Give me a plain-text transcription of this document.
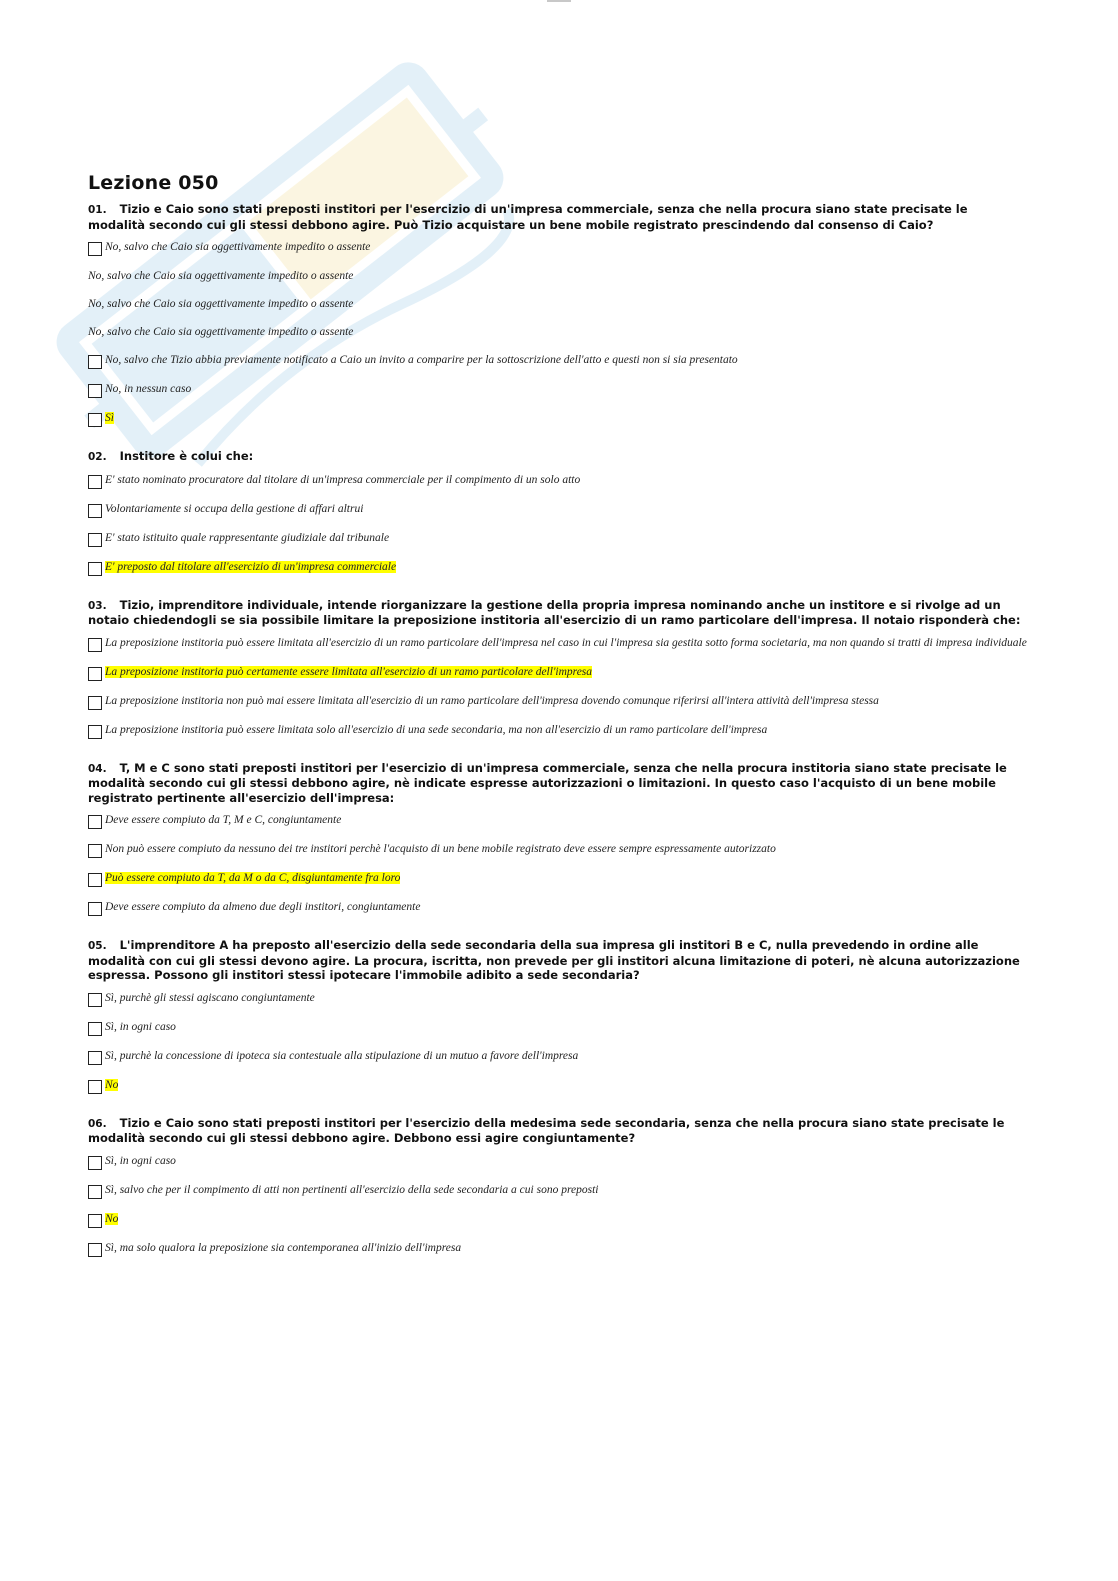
Lezione 050
01. Tizio e Caio sono stati preposti institori per l'esercizio di un'impresa commerciale, senza che nella procura siano state precisate le modalità secondo cui gli stessi debbono agire. Può Tizio acquistare un bene mobile registrato prescindendo dal consenso di Caio?
No, salvo che Caio sia oggettivamente impedito o assente
No, salvo che Caio sia oggettivamente impedito o assente
No, salvo che Caio sia oggettivamente impedito o assente
No, salvo che Caio sia oggettivamente impedito o assente
No, salvo che Tizio abbia previamente notificato a Caio un invito a comparire per la sottoscrizione dell'atto e questi non si sia presentato
No, in nessun caso
Sì
02. Institore è colui che:
E' stato nominato procuratore dal titolare di un'impresa commerciale per il compimento di un solo atto
Volontariamente si occupa della gestione di affari altrui
E' stato istituito quale rappresentante giudiziale dal tribunale
E' preposto dal titolare all'esercizio di un'impresa commerciale
03. Tizio, imprenditore individuale, intende riorganizzare la gestione della propria impresa nominando anche un institore e si rivolge ad un notaio chiedendogli se sia possibile limitare la preposizione institoria all'esercizio di un ramo particolare dell'impresa. Il notaio risponderà che:
La preposizione institoria può essere limitata all'esercizio di un ramo particolare dell'impresa nel caso in cui l'impresa sia gestita sotto forma societaria, ma non quando si tratti di impresa individuale
La preposizione institoria può certamente essere limitata all'esercizio di un ramo particolare dell'impresa
La preposizione institoria non può mai essere limitata all'esercizio di un ramo particolare dell'impresa dovendo comunque riferirsi all'intera attività dell'impresa stessa
La preposizione institoria può essere limitata solo all'esercizio di una sede secondaria, ma non all'esercizio di un ramo particolare dell'impresa
04. T, M e C sono stati preposti institori per l'esercizio di un'impresa commerciale, senza che nella procura institoria siano state precisate le modalità secondo cui gli stessi debbono agire, nè indicate espresse autorizzazioni o limitazioni. In questo caso l'acquisto di un bene mobile registrato pertinente all'esercizio dell'impresa:
Deve essere compiuto da T, M e C, congiuntamente
Non può essere compiuto da nessuno dei tre institori perchè l'acquisto di un bene mobile registrato deve essere sempre espressamente autorizzato
Può essere compiuto da T, da M o da C, disgiuntamente fra loro
Deve essere compiuto da almeno due degli institori, congiuntamente
05. L'imprenditore A ha preposto all'esercizio della sede secondaria della sua impresa gli institori B e C, nulla prevedendo in ordine alle modalità con cui gli stessi devono agire. La procura, iscritta, non prevede per gli institori alcuna limitazione di poteri, nè alcuna autorizzazione espressa. Possono gli institori stessi ipotecare l'immobile adibito a sede secondaria?
Sì, purchè gli stessi agiscano congiuntamente
Sì, in ogni caso
Sì, purchè la concessione di ipoteca sia contestuale alla stipulazione di un mutuo a favore dell'impresa
No
06. Tizio e Caio sono stati preposti institori per l'esercizio della medesima sede secondaria, senza che nella procura siano state precisate le modalità secondo cui gli stessi debbono agire. Debbono essi agire congiuntamente?
Sì, in ogni caso
Sì, salvo che per il compimento di atti non pertinenti all'esercizio della sede secondaria a cui sono preposti
No
Sì, ma solo qualora la preposizione sia contemporanea all'inizio dell'impresa
